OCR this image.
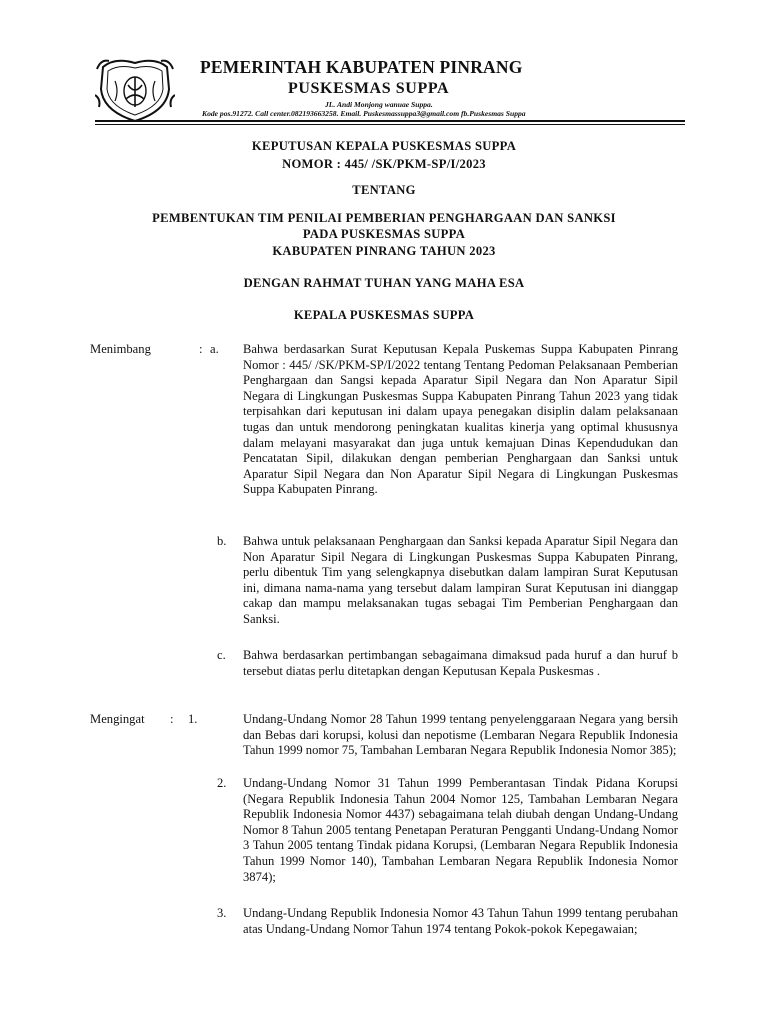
PEMERINTAH KABUPATEN PINRANG
PUSKESMAS SUPPA
JL. Andi Monjong wanuae Suppa.
Kode pos.91272. Call center.082193663258. Email. Puskesmassuppa3@gmail.com fb.Puskesmas Suppa
KEPUTUSAN KEPALA PUSKESMAS SUPPA
NOMOR : 445/ /SK/PKM-SP/I/2023
TENTANG
PEMBENTUKAN TIM PENILAI PEMBERIAN PENGHARGAAN DAN SANKSI
PADA PUSKESMAS SUPPA
KABUPATEN PINRANG TAHUN 2023
DENGAN RAHMAT TUHAN YANG MAHA ESA
KEPALA PUSKESMAS SUPPA
Menimbang	: a. Bahwa berdasarkan Surat Keputusan Kepala Puskemas Suppa Kabupaten Pinrang Nomor : 445/ /SK/PKM-SP/I/2022 tentang Tentang Pedoman Pelaksanaan Pemberian Penghargaan dan Sangsi kepada Aparatur Sipil Negara dan Non Aparatur Sipil Negara di Lingkungan Puskesmas Suppa Kabupaten Pinrang Tahun 2023 yang tidak terpisahkan dari keputusan ini dalam upaya penegakan disiplin dalam pelaksanaan tugas dan untuk mendorong peningkatan kualitas kinerja yang optimal khususnya dalam melayani masyarakat dan juga untuk kemajuan Dinas Kependudukan dan Pencatatan Sipil, dilakukan dengan pemberian Penghargaan dan Sanksi untuk Aparatur Sipil Negara dan Non Aparatur Sipil Negara di Lingkungan Puskesmas Suppa Kabupaten Pinrang.

b. Bahwa untuk pelaksanaan Penghargaan dan Sanksi kepada Aparatur Sipil Negara dan Non Aparatur Sipil Negara di Lingkungan Puskesmas Suppa Kabupaten Pinrang, perlu dibentuk Tim yang selengkapnya disebutkan dalam lampiran Surat Keputusan ini, dimana nama-nama yang tersebut dalam lampiran Surat Keputusan ini dianggap cakap dan mampu melaksanakan tugas sebagai Tim Pemberian Penghargaan dan Sanksi.

c. Bahwa berdasarkan pertimbangan sebagaimana dimaksud pada huruf a dan huruf b tersebut diatas perlu ditetapkan dengan Keputusan Kepala Puskesmas .

Mengingat : 1.	Undang-Undang Nomor 28 Tahun 1999 tentang penyelenggaraan Negara yang bersih dan Bebas dari korupsi, kolusi dan nepotisme (Lembaran Negara Republik Indonesia Tahun 1999 nomor 75, Tambahan Lembaran Negara Republik Indonesia Nomor 385);

2. Undang-Undang Nomor 31 Tahun 1999 Pemberantasan Tindak Pidana Korupsi (Negara Republik Indonesia Tahun 2004 Nomor 125, Tambahan Lembaran Negara Republik Indonesia Nomor 4437) sebagaimana telah diubah dengan Undang-Undang Nomor 8 Tahun 2005 tentang Penetapan Peraturan Pengganti Undang-Undang Nomor 3 Tahun 2005 tentang Tindak pidana Korupsi, (Lembaran Negara Republik Indonesia Tahun 1999 Nomor 140), Tambahan Lembaran Negara Republik Indonesia Nomor 3874);

3. Undang-Undang Republik Indonesia Nomor 43 Tahun Tahun 1999 tentang perubahan atas Undang-Undang Nomor Tahun 1974 tentang Pokok-pokok Kepegawaian;
